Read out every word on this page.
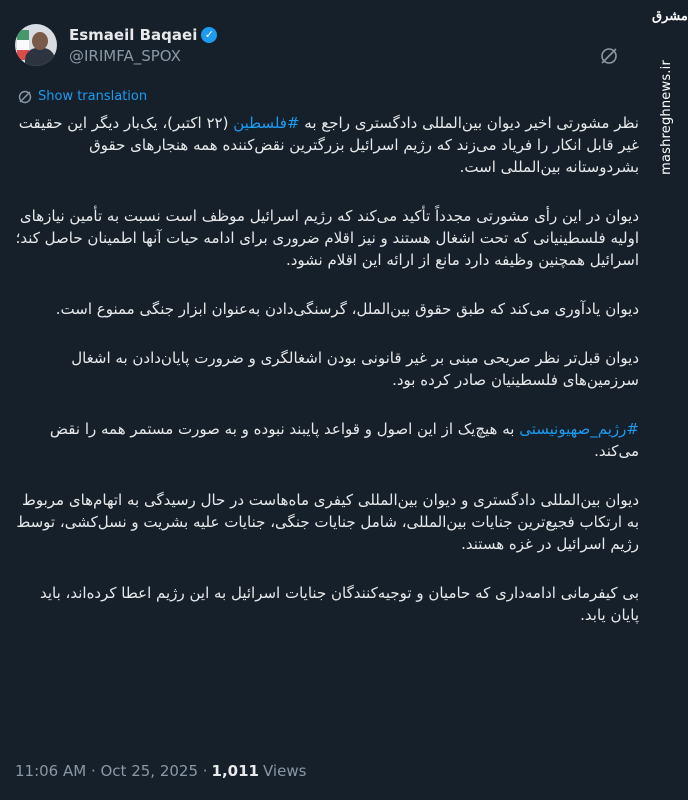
Esmaeil Baqaei ✓
@IRIMFA_SPOX
Show translation

نظر مشورتی اخیر دیوان بین‌المللی دادگستری راجع به #فلسطین (۲۲ اکتبر)، یک‌بار دیگر این حقیقت غیر قابل انکار را فریاد می‌زند که رژیم اسرائیل بزرگترین نقض‌کننده همه هنجارهای حقوق بشردوستانه بین‌المللی است.

دیوان در این رأی مشورتی مجدداً تأکید می‌کند که رژیم اسرائیل موظف است نسبت به تأمین نیازهای اولیه فلسطینیانی که تحت اشغال هستند و نیز اقلام ضروری برای ادامه حیات آنها اطمینان حاصل کند؛ اسرائیل همچنین وظیفه دارد مانع از ارائه این اقلام نشود.

دیوان یادآوری می‌کند که طبق حقوق بین‌الملل، گرسنگی‌دادن به‌عنوان ابزار جنگی ممنوع است.

دیوان قبل‌تر نظر صریحی مبنی بر غیر قانونی بودن اشغالگری و ضرورت پایان‌دادن به اشغال سرزمین‌های فلسطینیان صادر کرده بود.

#رژیم_صهیونیستی به هیچ‌یک از این اصول و قواعد پایبند نبوده و به صورت مستمر همه را نقض می‌کند.

دیوان بین‌المللی دادگستری و دیوان بین‌المللی کیفری ماه‌هاست در حال رسیدگی به اتهام‌های مربوط به ارتکاب فجیع‌ترین جنایات بین‌المللی، شامل جنایات جنگی، جنایات علیه بشریت و نسل‌کشی، توسط رژیم اسرائیل در غزه هستند.

بی کیفرمانی ادامه‌داری که حامیان و توجیه‌کنندگان جنایات اسرائیل به این رژیم اعطا کرده‌اند، باید پایان یابد.

11:06 AM · Oct 25, 2025 · 1,011 Views
مشرق
mashreghnews.ir
